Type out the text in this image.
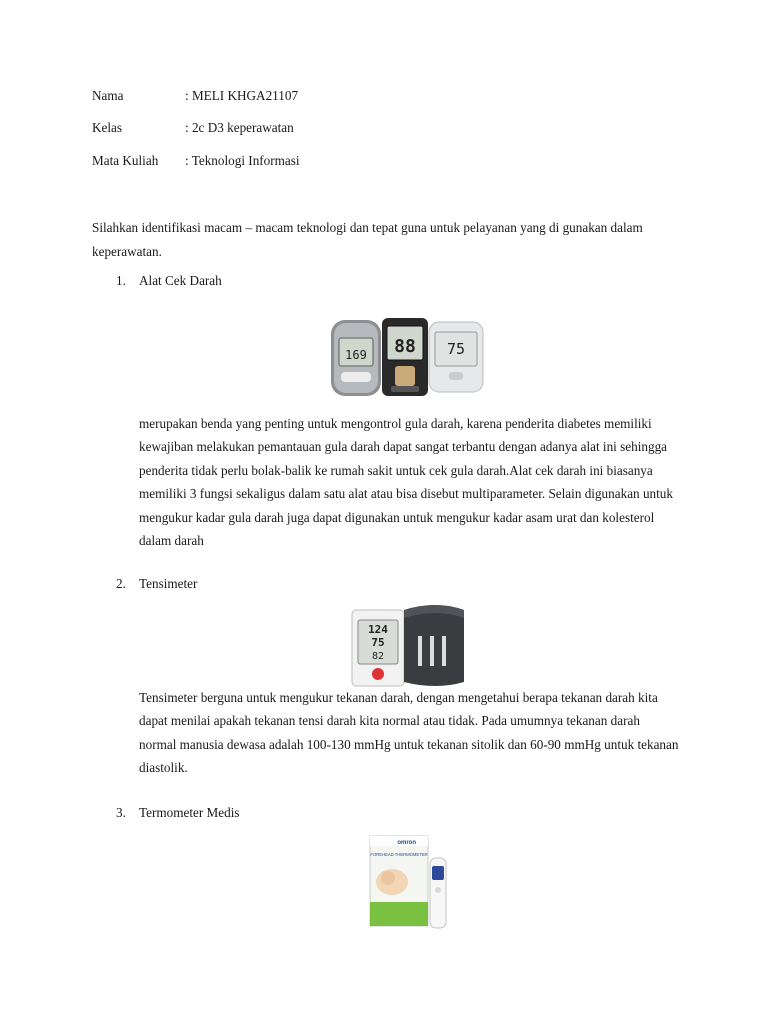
Nama	: MELI KHGA21107
Kelas	: 2c D3 keperawatan
Mata Kuliah : Teknologi Informasi
Silahkan identifikasi macam – macam teknologi dan tepat guna untuk pelayanan yang di gunakan dalam keperawatan.
1. Alat Cek Darah
169 88 75
merupakan benda yang penting untuk mengontrol gula darah, karena penderita diabetes memiliki kewajiban melakukan pemantauan gula darah dapat sangat terbantu dengan adanya alat ini sehingga penderita tidak perlu bolak-balik ke rumah sakit untuk cek gula darah.Alat cek darah ini biasanya memiliki 3 fungsi sekaligus dalam satu alat atau bisa disebut multiparameter. Selain digunakan untuk mengukur kadar gula darah juga dapat digunakan untuk mengukur kadar asam urat dan kolesterol dalam darah
2. Tensimeter
124
75
82
Tensimeter berguna untuk mengukur tekanan darah, dengan mengetahui berapa tekanan darah kita dapat menilai apakah tekanan tensi darah kita normal atau tidak. Pada umumnya tekanan darah normal manusia dewasa adalah 100-130 mmHg untuk tekanan sitolik dan 60-90 mmHg untuk tekanan diastolik.
3. Termometer Medis
omron
FOREHEAD THERMOMETER
